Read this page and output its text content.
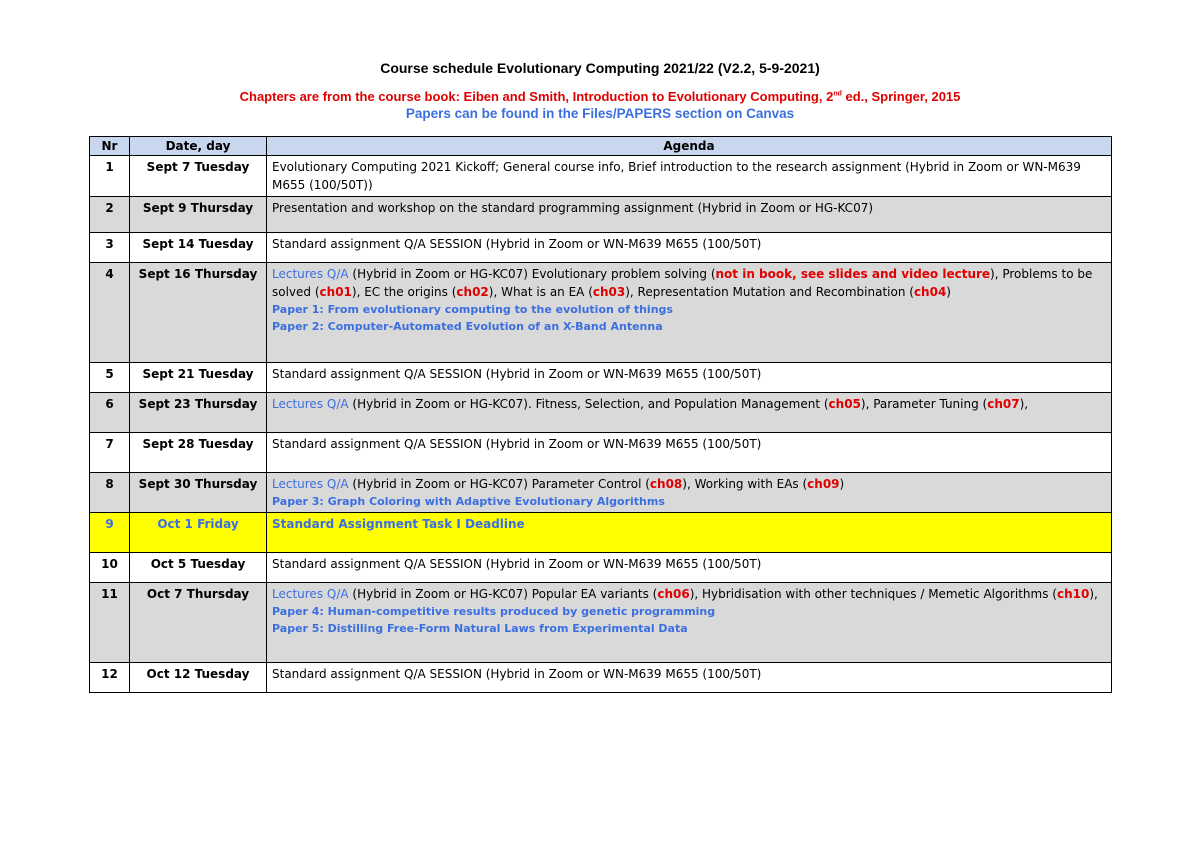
Course schedule Evolutionary Computing 2021/22 (V2.2, 5-9-2021)
Chapters are from the course book: Eiben and Smith, Introduction to Evolutionary Computing, 2nd ed., Springer, 2015
Papers can be found in the Files/PAPERS section on Canvas
Nr	Date, day	Agenda
1	Sept 7 Tuesday	Evolutionary Computing 2021 Kickoff; General course info, Brief introduction to the research assignment (Hybrid in Zoom or WN-M639 M655 (100/50T))
2	Sept 9 Thursday	Presentation and workshop on the standard programming assignment (Hybrid in Zoom or HG-KC07)
3	Sept 14 Tuesday	Standard assignment Q/A SESSION (Hybrid in Zoom or WN-M639 M655 (100/50T)
4	Sept 16 Thursday	Lectures Q/A (Hybrid in Zoom or HG-KC07) Evolutionary problem solving (not in book, see slides and video lecture), Problems to be solved (ch01), EC the origins (ch02), What is an EA (ch03), Representation Mutation and Recombination (ch04)
Paper 1: From evolutionary computing to the evolution of things
Paper 2: Computer-Automated Evolution of an X-Band Antenna

5	Sept 21 Tuesday	Standard assignment Q/A SESSION (Hybrid in Zoom or WN-M639 M655 (100/50T)
6	Sept 23 Thursday	Lectures Q/A (Hybrid in Zoom or HG-KC07). Fitness, Selection, and Population Management (ch05), Parameter Tuning (ch07),
7	Sept 28 Tuesday	Standard assignment Q/A SESSION (Hybrid in Zoom or WN-M639 M655 (100/50T)
8	Sept 30 Thursday	Lectures Q/A (Hybrid in Zoom or HG-KC07) Parameter Control (ch08), Working with EAs (ch09)
Paper 3: Graph Coloring with Adaptive Evolutionary Algorithms

9	Oct 1 Friday	Standard Assignment Task I Deadline
10	Oct 5 Tuesday	Standard assignment Q/A SESSION (Hybrid in Zoom or WN-M639 M655 (100/50T)
11	Oct 7 Thursday	Lectures Q/A (Hybrid in Zoom or HG-KC07) Popular EA variants (ch06), Hybridisation with other techniques / Memetic Algorithms (ch10),
Paper 4: Human-competitive results produced by genetic programming
Paper 5: Distilling Free-Form Natural Laws from Experimental Data

12	Oct 12 Tuesday	Standard assignment Q/A SESSION (Hybrid in Zoom or WN-M639 M655 (100/50T)
